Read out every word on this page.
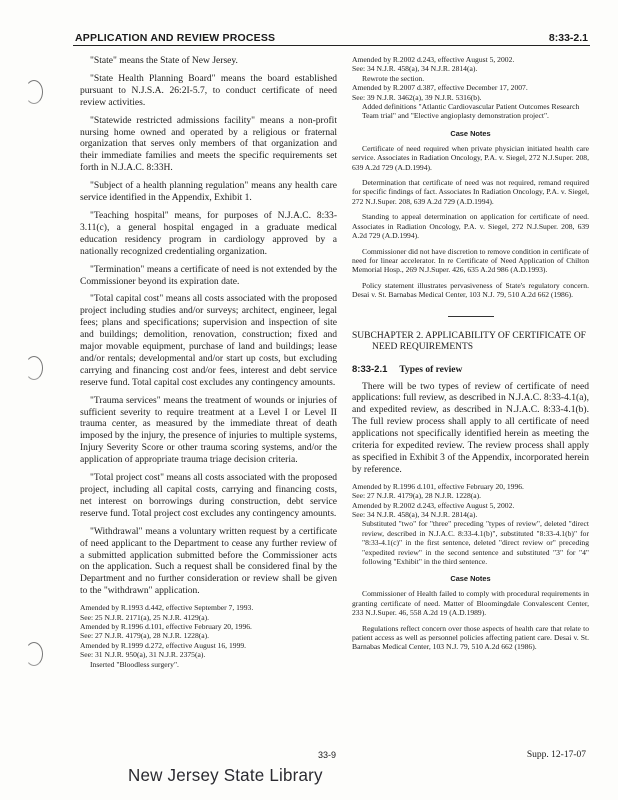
APPLICATION AND REVIEW PROCESS	8:33-2.1

"State" means the State of New Jersey.

"State Health Planning Board" means the board established pursuant to N.J.S.A. 26:2I-5.7, to conduct certificate of need review activities.

"Statewide restricted admissions facility" means a non-profit nursing home owned and operated by a religious or fraternal organization that serves only members of that organization and their immediate families and meets the specific requirements set forth in N.J.A.C. 8:33H.

"Subject of a health planning regulation" means any health care service identified in the Appendix, Exhibit 1.

"Teaching hospital" means, for purposes of N.J.A.C. 8:33-3.11(c), a general hospital engaged in a graduate medical education residency program in cardiology approved by a nationally recognized credentialing organization.

"Termination" means a certificate of need is not extended by the Commissioner beyond its expiration date.

"Total capital cost" means all costs associated with the proposed project including studies and/or surveys; architect, engineer, legal fees; plans and specifications; supervision and inspection of site and buildings; demolition, renovation, construction; fixed and major movable equipment, purchase of land and buildings; lease and/or rentals; developmental and/or start up costs, but excluding carrying and financing cost and/or fees, interest and debt service reserve fund. Total capital cost excludes any contingency amounts.

"Trauma services" means the treatment of wounds or injuries of sufficient severity to require treatment at a Level I or Level II trauma center, as measured by the immediate threat of death imposed by the injury, the presence of injuries to multiple systems, Injury Severity Score or other trauma scoring systems, and/or the application of appropriate trauma triage decision criteria.

"Total project cost" means all costs associated with the proposed project, including all capital costs, carrying and financing costs, net interest on borrowings during construction, debt service reserve fund. Total project cost excludes any contingency amounts.

"Withdrawal" means a voluntary written request by a certificate of need applicant to the Department to cease any further review of a submitted application submitted before the Commissioner acts on the application. Such a request shall be considered final by the Department and no further consideration or review shall be given to the "withdrawn" application.

Amended by R.1993 d.442, effective September 7, 1993.

See: 25 N.J.R. 2171(a), 25 N.J.R. 4129(a).

Amended by R.1996 d.101, effective February 20, 1996.

See: 27 N.J.R. 4179(a), 28 N.J.R. 1228(a).

Amended by R.1999 d.272, effective August 16, 1999.

See: 31 N.J.R. 950(a), 31 N.J.R. 2375(a).

Inserted "Bloodless surgery".

Amended by R.2002 d.243, effective August 5, 2002.

See: 34 N.J.R. 458(a), 34 N.J.R. 2814(a).

Rewrote the section.

Amended by R.2007 d.387, effective December 17, 2007.

See: 39 N.J.R. 3462(a), 39 N.J.R. 5316(b).

Added definitions "Atlantic Cardiovascular Patient Outcomes Research Team trial" and "Elective angioplasty demonstration project".

Case Notes

Certificate of need required when private physician initiated health care service. Associates in Radiation Oncology, P.A. v. Siegel, 272 N.J.Super. 208, 639 A.2d 729 (A.D.1994).

Determination that certificate of need was not required, remand required for specific findings of fact. Associates In Radiation Oncology, P.A. v. Siegel, 272 N.J.Super. 208, 639 A.2d 729 (A.D.1994).

Standing to appeal determination on application for certificate of need. Associates in Radiation Oncology, P.A. v. Siegel, 272 N.J.Super. 208, 639 A.2d 729 (A.D.1994).

Commissioner did not have discretion to remove condition in certificate of need for linear accelerator. In re Certificate of Need Application of Chilton Memorial Hosp., 269 N.J.Super. 426, 635 A.2d 986 (A.D.1993).

Policy statement illustrates pervasiveness of State's regulatory concern. Desai v. St. Barnabas Medical Center, 103 N.J. 79, 510 A.2d 662 (1986).

SUBCHAPTER 2. APPLICABILITY OF CERTIFICATE OF NEED REQUIREMENTS

8:33-2.1 Types of review

There will be two types of review of certificate of need applications: full review, as described in N.J.A.C. 8:33-4.1(a), and expedited review, as described in N.J.A.C. 8:33-4.1(b). The full review process shall apply to all certificate of need applications not specifically identified herein as meeting the criteria for expedited review. The review process shall apply as specified in Exhibit 3 of the Appendix, incorporated herein by reference.

Amended by R.1996 d.101, effective February 20, 1996.

See: 27 N.J.R. 4179(a), 28 N.J.R. 1228(a).

Amended by R.2002 d.243, effective August 5, 2002.

See: 34 N.J.R. 458(a), 34 N.J.R. 2814(a).

Substituted "two" for "three" preceding "types of review", deleted "direct review, described in N.J.A.C. 8:33-4.1(b)", substituted "8:33-4.1(b)" for "8:33-4.1(c)" in the first sentence, deleted "direct review or" preceding "expedited review" in the second sentence and substituted "3" for "4" following "Exhibit" in the third sentence.

Case Notes

Commissioner of Health failed to comply with procedural requirements in granting certificate of need. Matter of Bloomingdale Convalescent Center, 233 N.J.Super. 46, 558 A.2d 19 (A.D.1989).

Regulations reflect concern over those aspects of health care that relate to patient access as well as personnel policies affecting patient care. Desai v. St. Barnabas Medical Center, 103 N.J. 79, 510 A.2d 662 (1986).

33-9	Supp. 12-17-07
New Jersey State Library
